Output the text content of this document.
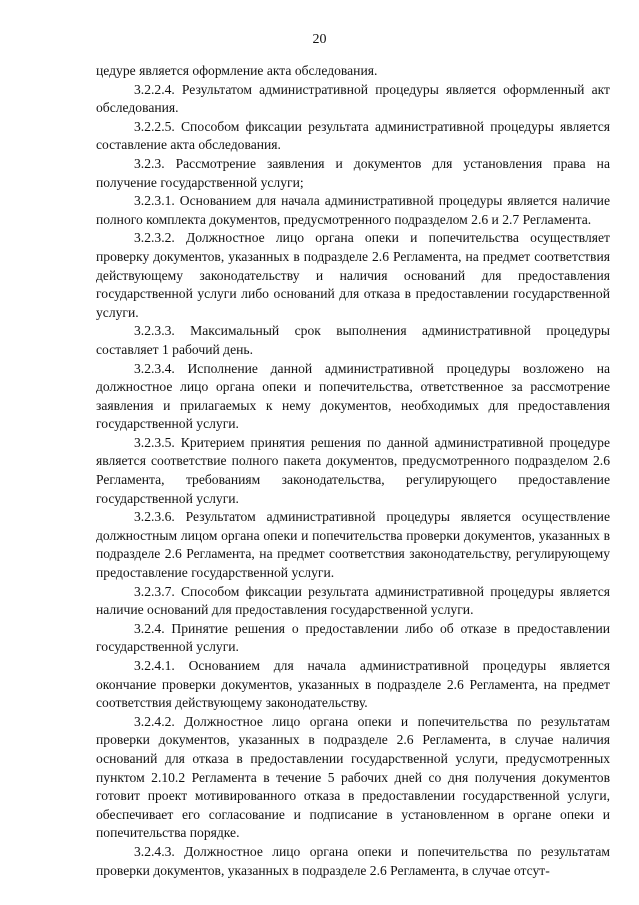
20

цедуре является оформление акта обследования.

3.2.2.4. Результатом административной процедуры является оформленный акт обследования.

3.2.2.5. Способом фиксации результата административной процедуры является составление акта обследования.

3.2.3. Рассмотрение заявления и документов для установления права на получение государственной услуги;

3.2.3.1. Основанием для начала административной процедуры является наличие полного комплекта документов, предусмотренного подразделом 2.6 и 2.7 Регламента.

3.2.3.2. Должностное лицо органа опеки и попечительства осуществляет проверку документов, указанных в подразделе 2.6 Регламента, на предмет соответствия действующему законодательству и наличия оснований для предоставления государственной услуги либо оснований для отказа в предоставлении государственной услуги.

3.2.3.3. Максимальный срок выполнения административной процедуры составляет 1 рабочий день.

3.2.3.4. Исполнение данной административной процедуры возложено на должностное лицо органа опеки и попечительства, ответственное за рассмотрение заявления и прилагаемых к нему документов, необходимых для предоставления государственной услуги.

3.2.3.5. Критерием принятия решения по данной административной процедуре является соответствие полного пакета документов, предусмотренного подразделом 2.6 Регламента, требованиям законодательства, регулирующего предоставление государственной услуги.

3.2.3.6. Результатом административной процедуры является осуществление должностным лицом органа опеки и попечительства проверки документов, указанных в подразделе 2.6 Регламента, на предмет соответствия законодательству, регулирующему предоставление государственной услуги.

3.2.3.7. Способом фиксации результата административной процедуры является наличие оснований для предоставления государственной услуги.

3.2.4. Принятие решения о предоставлении либо об отказе в предоставлении государственной услуги.

3.2.4.1. Основанием для начала административной процедуры является окончание проверки документов, указанных в подразделе 2.6 Регламента, на предмет соответствия действующему законодательству.

3.2.4.2. Должностное лицо органа опеки и попечительства по результатам проверки документов, указанных в подразделе 2.6 Регламента, в случае наличия оснований для отказа в предоставлении государственной услуги, предусмотренных пунктом 2.10.2 Регламента в течение 5 рабочих дней со дня получения документов готовит проект мотивированного отказа в предоставлении государственной услуги, обеспечивает его согласование и подписание в установленном в органе опеки и попечительства порядке.

3.2.4.3. Должностное лицо органа опеки и попечительства по результатам проверки документов, указанных в подразделе 2.6 Регламента, в случае отсут-
